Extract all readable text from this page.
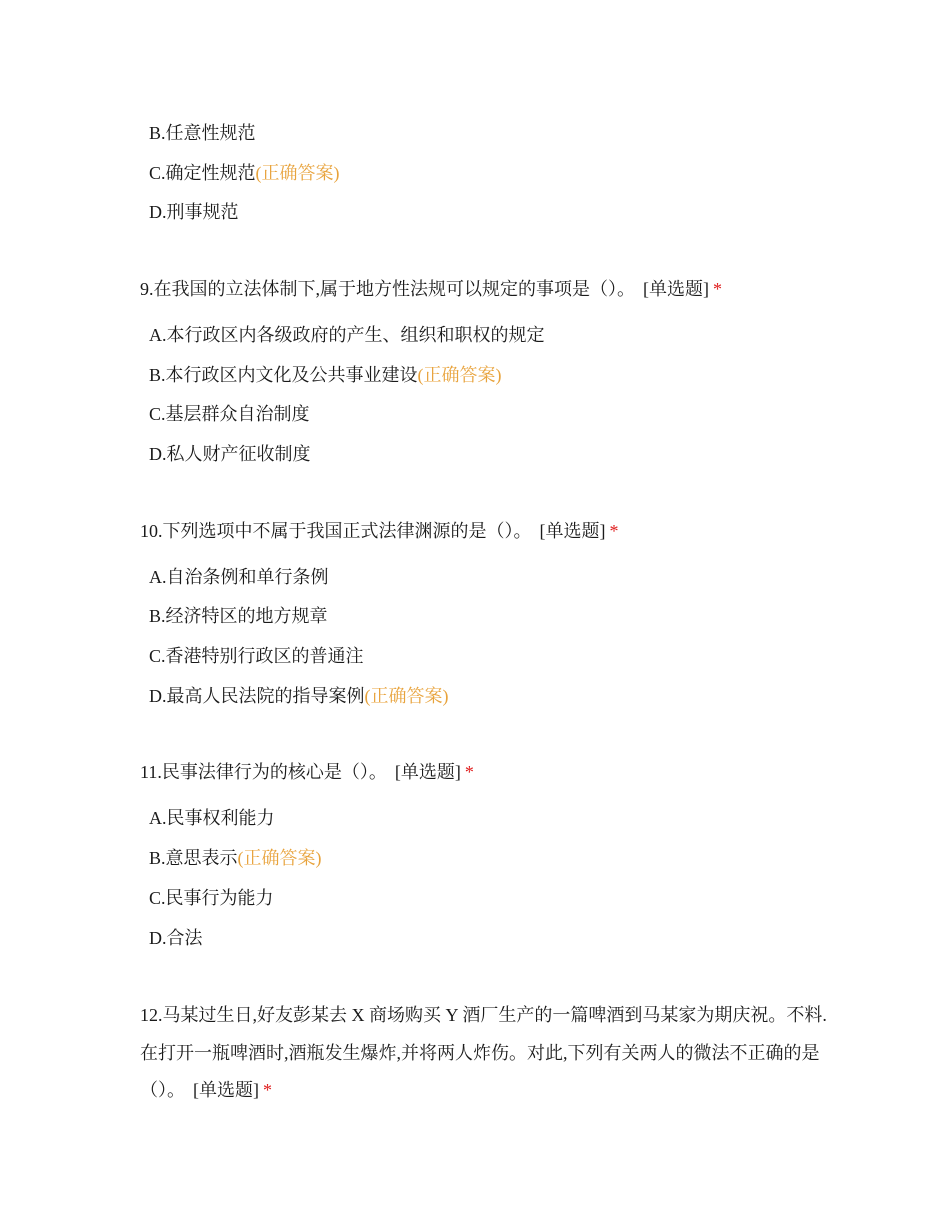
B.任意性规范
C.确定性规范(正确答案)
D.刑事规范
9.在我国的立法体制下,属于地方性法规可以规定的事项是（）。 [单选题] *
A.本行政区内各级政府的产生、组织和职权的规定
B.本行政区内文化及公共事业建设(正确答案)
C.基层群众自治制度
D.私人财产征收制度
10.下列选项中不属于我国正式法律渊源的是（）。 [单选题] *
A.自治条例和单行条例
B.经济特区的地方规章
C.香港特别行政区的普通注
D.最高人民法院的指导案例(正确答案)
11.民事法律行为的核心是（）。 [单选题] *
A.民事权利能力
B.意思表示(正确答案)
C.民事行为能力
D.合法
12.马某过生日,好友彭某去 X 商场购买 Y 酒厂生产的一篇啤酒到马某家为期庆祝。不料.在打开一瓶啤酒时,酒瓶发生爆炸,并将两人炸伤。对此,下列有关两人的微法不正确的是（）。 [单选题] *
